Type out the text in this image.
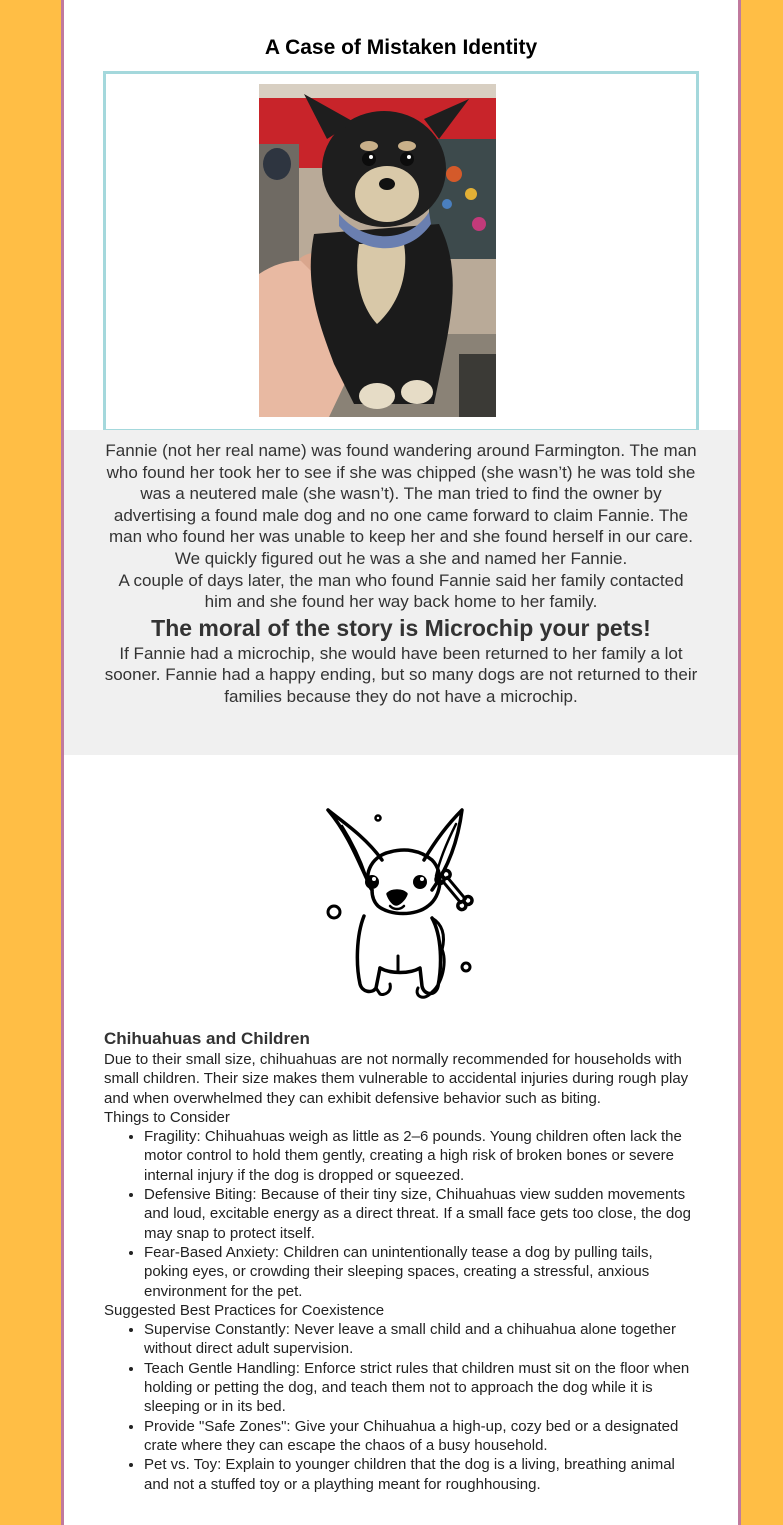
A Case of Mistaken Identity

Fannie (not her real name) was found wandering around Farmington. The man who found her took her to see if she was chipped (she wasn’t) he was told she was a neutered male (she wasn’t). The man tried to find the owner by advertising a found male dog and no one came forward to claim Fannie. The man who found her was unable to keep her and she found herself in our care. We quickly figured out he was a she and named her Fannie.

A couple of days later, the man who found Fannie said her family contacted him and she found her way back home to her family.

The moral of the story is Microchip your pets!

If Fannie had a microchip, she would have been returned to her family a lot sooner. Fannie had a happy ending, but so many dogs are not returned to their families because they do not have a microchip.

Chihuahuas and Children

Due to their small size, chihuahuas are not normally recommended for households with small children. Their size makes them vulnerable to accidental injuries during rough play and when overwhelmed they can exhibit defensive behavior such as biting.

Things to Consider

• Fragility: Chihuahuas weigh as little as 2–6 pounds. Young children often lack the motor control to hold them gently, creating a high risk of broken bones or severe internal injury if the dog is dropped or squeezed.
• Defensive Biting: Because of their tiny size, Chihuahuas view sudden movements and loud, excitable energy as a direct threat. If a small face gets too close, the dog may snap to protect itself.
• Fear-Based Anxiety: Children can unintentionally tease a dog by pulling tails, poking eyes, or crowding their sleeping spaces, creating a stressful, anxious environment for the pet.

Suggested Best Practices for Coexistence

• Supervise Constantly: Never leave a small child and a chihuahua alone together without direct adult supervision.
• Teach Gentle Handling: Enforce strict rules that children must sit on the floor when holding or petting the dog, and teach them not to approach the dog while it is sleeping or in its bed.
• Provide "Safe Zones": Give your Chihuahua a high-up, cozy bed or a designated crate where they can escape the chaos of a busy household.
• Pet vs. Toy: Explain to younger children that the dog is a living, breathing animal and not a stuffed toy or a plaything meant for roughhousing.
